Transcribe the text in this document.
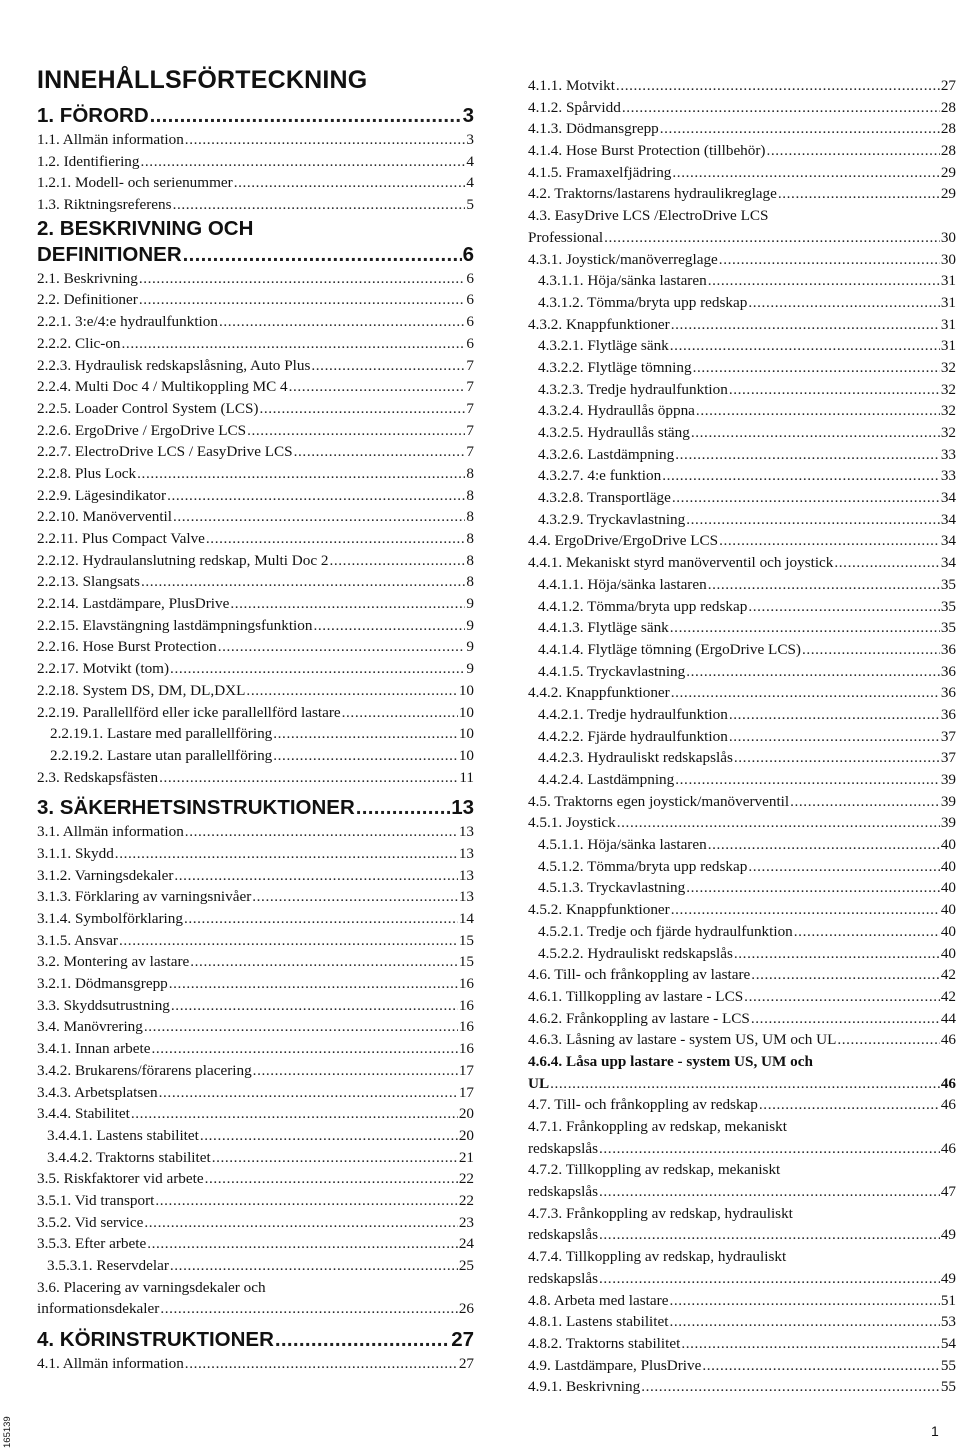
INNEHÅLLSFÖRTECKNING
1. FÖRORD .....	3
1.1. Allmän information .....	3
1.2. Identifiering .....	4
1.2.1. Modell- och serienummer .....	4
1.3. Riktningsreferens .....	5
2. BESKRIVNING OCH
DEFINITIONER .....	6
2.1. Beskrivning .....	6
2.2. Definitioner .....	6
2.2.1. 3:e/4:e hydraulfunktion .....	6
2.2.2. Clic-on .....	6
2.2.3. Hydraulisk redskapslåsning, Auto Plus .....	7
2.2.4. Multi Doc 4 / Multikoppling MC 4 .....	7
2.2.5. Loader Control System (LCS) .....	7
2.2.6. ErgoDrive / ErgoDrive LCS .....	7
2.2.7. ElectroDrive LCS / EasyDrive LCS .....	7
2.2.8. Plus Lock .....	8
2.2.9. Lägesindikator .....	8
2.2.10. Manöverventil .....	8
2.2.11. Plus Compact Valve .....	8
2.2.12. Hydraulanslutning redskap, Multi Doc 2 .....	8
2.2.13. Slangsats .....	8
2.2.14. Lastdämpare, PlusDrive .....	9
2.2.15. Elavstängning lastdämpningsfunktion .....	9
2.2.16. Hose Burst Protection .....	9
2.2.17. Motvikt (tom) .....	9
2.2.18. System DS, DM, DL,DXL .....	10
2.2.19. Parallellförd eller icke parallellförd lastare .....	10
2.2.19.1. Lastare med parallellföring .....	10
2.2.19.2. Lastare utan parallellföring .....	10
2.3. Redskapsfästen .....	11
3. SÄKERHETSINSTRUKTIONER .....	13
3.1. Allmän information .....	13
3.1.1. Skydd .....	13
3.1.2. Varningsdekaler .....	13
3.1.3. Förklaring av varningsnivåer .....	13
3.1.4. Symbolförklaring .....	14
3.1.5. Ansvar .....	15
3.2. Montering av lastare .....	15
3.2.1. Dödmansgrepp .....	16
3.3. Skyddsutrustning .....	16
3.4. Manövrering .....	16
3.4.1. Innan arbete .....	16
3.4.2. Brukarens/förarens placering .....	17
3.4.3. Arbetsplatsen .....	17
3.4.4. Stabilitet .....	20
3.4.4.1. Lastens stabilitet .....	20
3.4.4.2. Traktorns stabilitet .....	21
3.5. Riskfaktorer vid arbete .....	22
3.5.1. Vid transport .....	22
3.5.2. Vid service .....	23
3.5.3. Efter arbete .....	24
3.5.3.1. Reservdelar .....	25
3.6. Placering av varningsdekaler och
informationsdekaler .....	26
4. KÖRINSTRUKTIONER .....	27
4.1. Allmän information .....	27
4.1.1. Motvikt .....	27
4.1.2. Spårvidd .....	28
4.1.3. Dödmansgrepp .....	28
4.1.4. Hose Burst Protection (tillbehör) .....	28
4.1.5. Framaxelfjädring .....	29
4.2. Traktorns/lastarens hydraulikreglage .....	29
4.3. EasyDrive LCS /ElectroDrive LCS
Professional .....	30
4.3.1. Joystick/manöverreglage .....	30
4.3.1.1. Höja/sänka lastaren .....	31
4.3.1.2. Tömma/bryta upp redskap .....	31
4.3.2. Knappfunktioner .....	31
4.3.2.1. Flytläge sänk .....	31
4.3.2.2. Flytläge tömning .....	32
4.3.2.3. Tredje hydraulfunktion .....	32
4.3.2.4. Hydraullås öppna .....	32
4.3.2.5. Hydraullås stäng .....	32
4.3.2.6. Lastdämpning .....	33
4.3.2.7. 4:e funktion .....	33
4.3.2.8. Transportläge .....	34
4.3.2.9. Tryckavlastning .....	34
4.4. ErgoDrive/ErgoDrive LCS .....	34
4.4.1. Mekaniskt styrd manöverventil och joystick .....	34
4.4.1.1. Höja/sänka lastaren .....	35
4.4.1.2. Tömma/bryta upp redskap .....	35
4.4.1.3. Flytläge sänk .....	35
4.4.1.4. Flytläge tömning (ErgoDrive LCS) .....	36
4.4.1.5. Tryckavlastning .....	36
4.4.2. Knappfunktioner .....	36
4.4.2.1. Tredje hydraulfunktion .....	36
4.4.2.2. Fjärde hydraulfunktion .....	37
4.4.2.3. Hydrauliskt redskapslås .....	37
4.4.2.4. Lastdämpning .....	39
4.5. Traktorns egen joystick/manöverventil .....	39
4.5.1. Joystick .....	39
4.5.1.1. Höja/sänka lastaren .....	40
4.5.1.2. Tömma/bryta upp redskap .....	40
4.5.1.3. Tryckavlastning .....	40
4.5.2. Knappfunktioner .....	40
4.5.2.1. Tredje och fjärde hydraulfunktion .....	40
4.5.2.2. Hydrauliskt redskapslås .....	40
4.6. Till- och frånkoppling av lastare .....	42
4.6.1. Tillkoppling av lastare - LCS .....	42
4.6.2. Frånkoppling av lastare - LCS .....	44
4.6.3. Låsning av lastare - system US, UM och UL .....	46
4.6.4. Låsa upp lastare - system US, UM och
UL .....	46
4.7. Till- och frånkoppling av redskap .....	46
4.7.1. Frånkoppling av redskap, mekaniskt
redskapslås .....	46
4.7.2. Tillkoppling av redskap, mekaniskt
redskapslås .....	47
4.7.3. Frånkoppling av redskap, hydrauliskt
redskapslås .....	49
4.7.4. Tillkoppling av redskap, hydrauliskt
redskapslås .....	49
4.8. Arbeta med lastare .....	51
4.8.1. Lastens stabilitet .....	53
4.8.2. Traktorns stabilitet .....	54
4.9. Lastdämpare, PlusDrive .....	55
4.9.1. Beskrivning .....	55
165139	1
